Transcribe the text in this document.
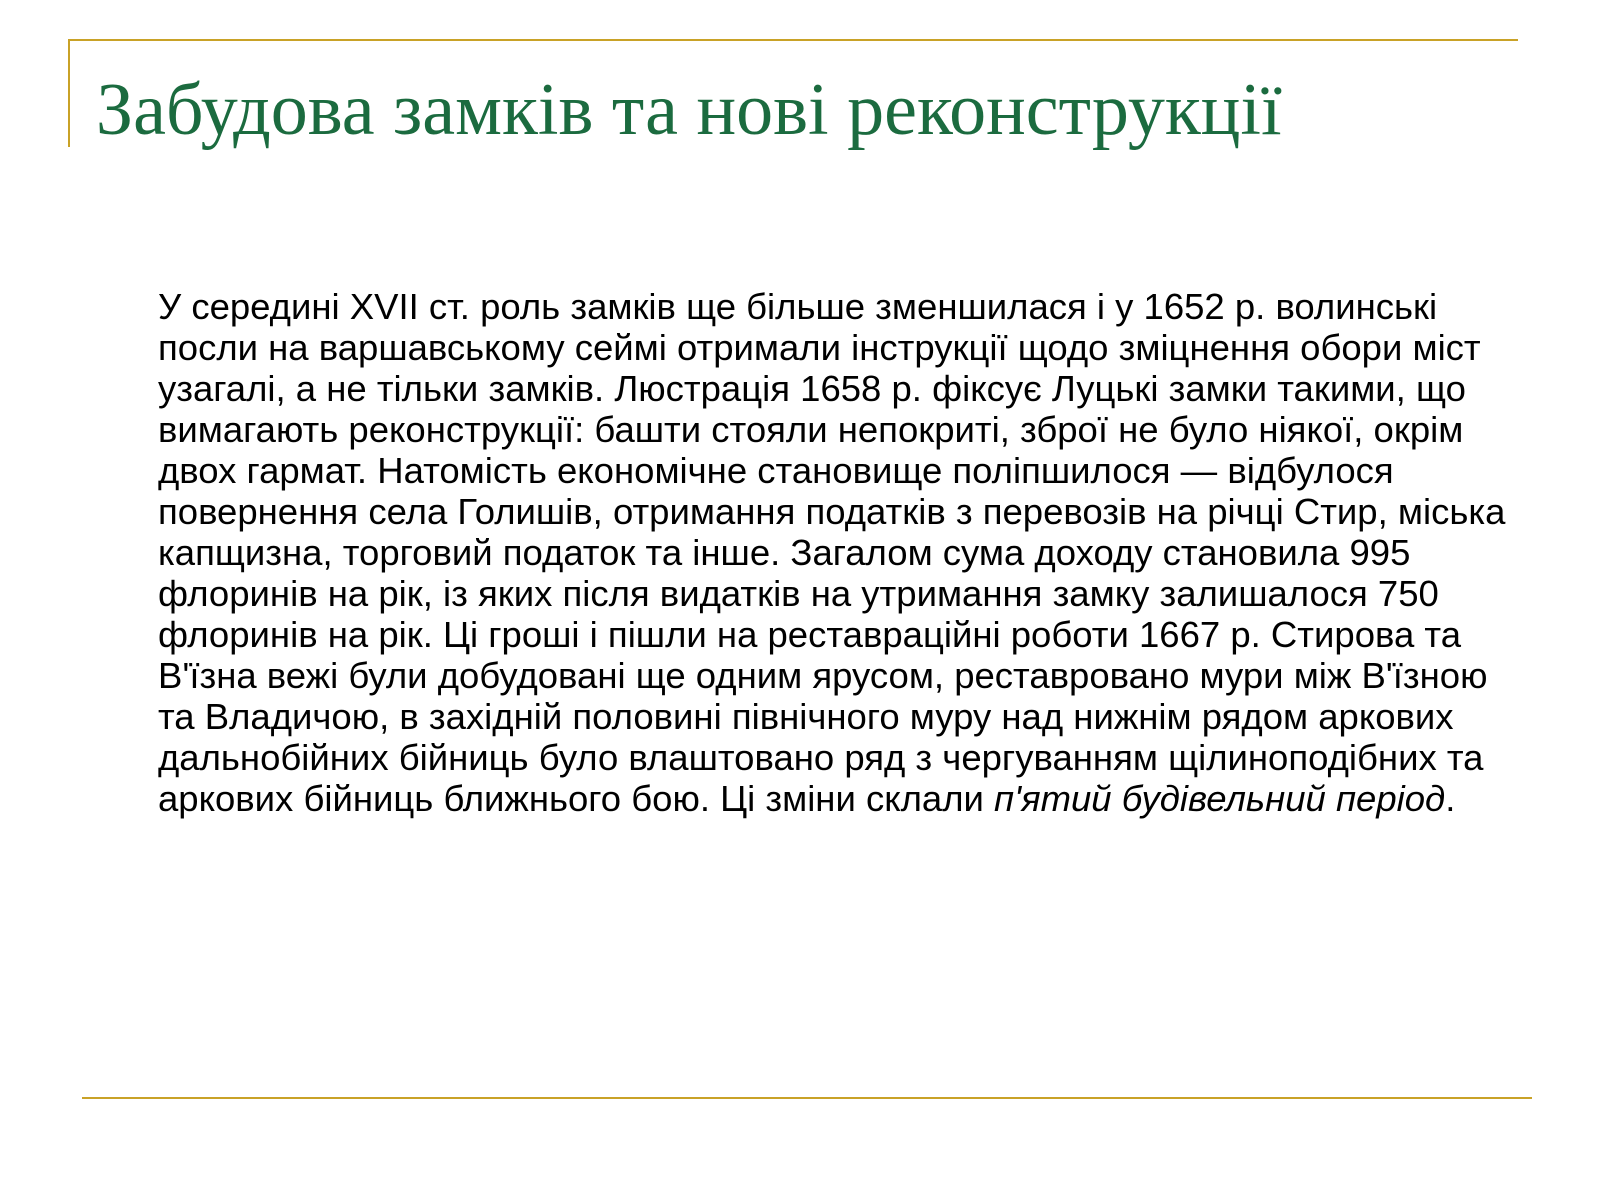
Забудова замків та нові реконструкції

У середині XVII ст. роль замків ще більше зменшилася і у 1652 р. волинські посли на варшавському сеймі отримали інструкції щодо зміцнення обори міст узагалі, а не тільки замків. Люстрація 1658 р. фіксує Луцькі замки такими, що вимагають реконструкції: башти стояли непокриті, зброї не було ніякої, окрім двох гармат. Натомість економічне становище поліпшилося — відбулося повернення села Голишів, отримання податків з перевозів на річці Стир, міська капщизна, торговий податок та інше. Загалом сума доходу становила 995 флоринів на рік, із яких після видатків на утримання замку залишалося 750 флоринів на рік. Ці гроші і пішли на реставраційні роботи 1667 р. Стирова та В'їзна вежі були добудовані ще одним ярусом, реставровано мури між В'їзною та Владичою, в західній половині північного муру над нижнім рядом аркових дальнобійних бійниць було влаштовано ряд з чергуванням щілиноподібних та аркових бійниць ближнього бою. Ці зміни склали п'ятий будівельний період.
